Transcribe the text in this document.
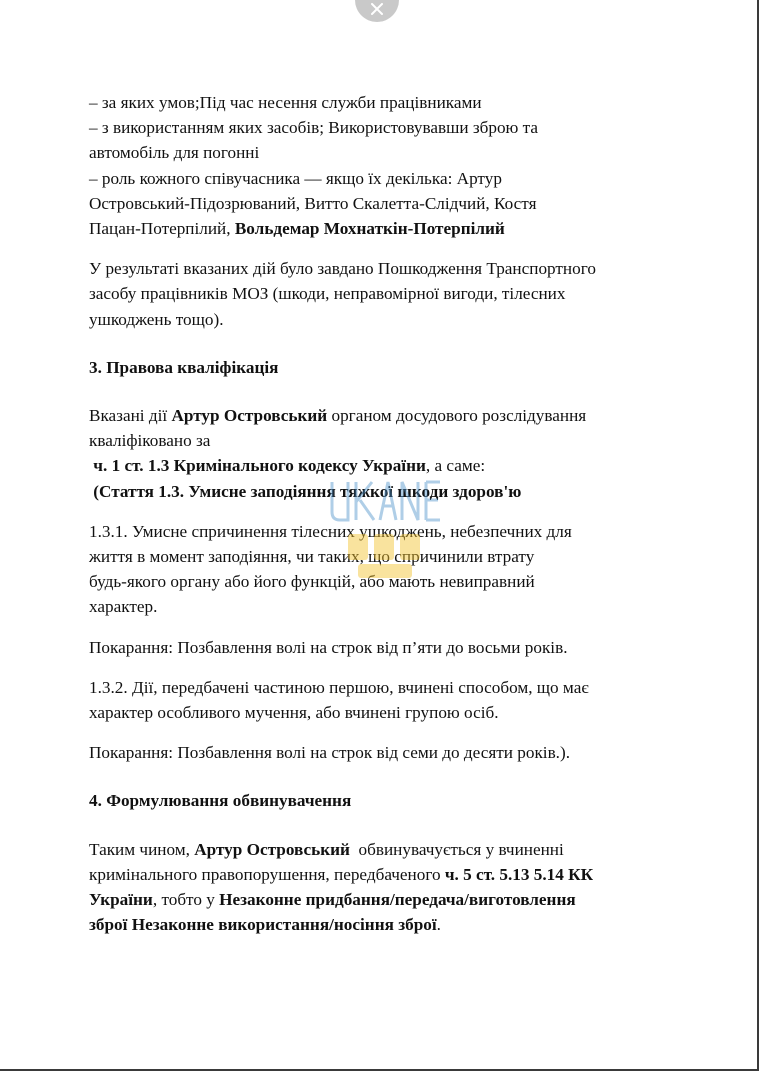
– за яких умов;Під час несення служби працівниками
– з використанням яких засобів; Використовувавши зброю та
автомобіль для погонні
– роль кожного співучасника — якщо їх декілька: Артур
Островський-Підозрюваний, Витто Скалетта-Слідчий, Костя
Пацан-Потерпілий, Вольдемар Мохнаткін-Потерпілий
У результаті вказаних дій було завдано Пошкодження Транспортного
засобу працівників МОЗ (шкоди, неправомірної вигоди, тілесних
ушкоджень тощо).
3. Правова кваліфікація
Вказані дії Артур Островський органом досудового розслідування
кваліфіковано за
ч. 1 ст. 1.3 Кримінального кодексу України, а саме:
(Стаття 1.3. Умисне заподіяння тяжкої шкоди здоров'ю
1.3.1. Умисне спричинення тілесних ушкоджень, небезпечних для
життя в момент заподіяння, чи таких, що спричинили втрату
будь-якого органу або його функцій, або мають невиправний
характер.
Покарання: Позбавлення волі на строк від п’яти до восьми років.
1.3.2. Дії, передбачені частиною першою, вчинені способом, що має
характер особливого мучення, або вчинені групою осіб.
Покарання: Позбавлення волі на строк від семи до десяти років.).
4. Формулювання обвинувачення
Таким чином, Артур Островський  обвинувачується у вчиненні
кримінального правопорушення, передбаченого ч. 5 ст. 5.13 5.14 КК
України, тобто у Незаконне придбання/передача/виготовлення
зброї Незаконне використання/носіння зброї.
